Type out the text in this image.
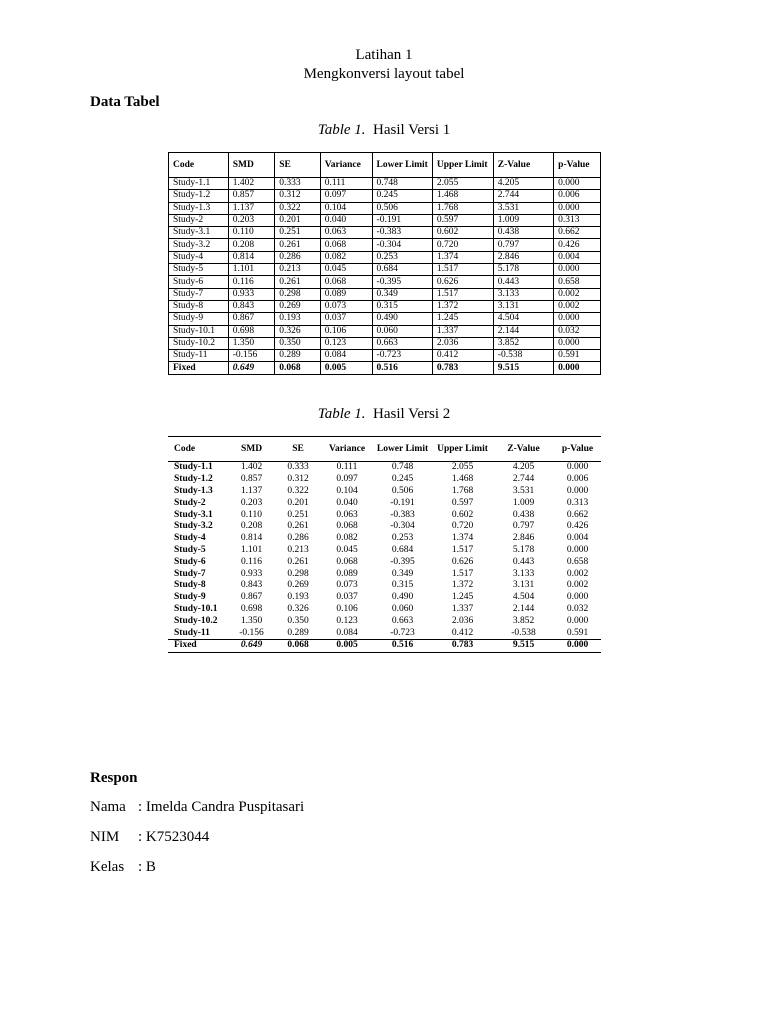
Latihan 1
Mengkonversi layout tabel
Data Tabel
Table 1. Hasil Versi 1
Code	SMD	SE	Variance	Lower Limit	Upper Limit	Z-Value	p-Value
Study-1.1	1.402	0.333	0.111	0.748	2.055	4.205	0.000
Study-1.2	0.857	0.312	0.097	0.245	1.468	2.744	0.006
Study-1.3	1.137	0.322	0.104	0.506	1.768	3.531	0.000
Study-2	0.203	0.201	0.040	-0.191	0.597	1.009	0.313
Study-3.1	0.110	0.251	0.063	-0.383	0.602	0.438	0.662
Study-3.2	0.208	0.261	0.068	-0.304	0.720	0.797	0.426
Study-4	0.814	0.286	0.082	0.253	1.374	2.846	0.004
Study-5	1.101	0.213	0.045	0.684	1.517	5.178	0.000
Study-6	0.116	0.261	0.068	-0.395	0.626	0.443	0.658
Study-7	0.933	0.298	0.089	0.349	1.517	3.133	0.002
Study-8	0.843	0.269	0.073	0.315	1.372	3.131	0.002
Study-9	0.867	0.193	0.037	0.490	1.245	4.504	0.000
Study-10.1	0.698	0.326	0.106	0.060	1.337	2.144	0.032
Study-10.2	1.350	0.350	0.123	0.663	2.036	3.852	0.000
Study-11	-0.156	0.289	0.084	-0.723	0.412	-0.538	0.591
Fixed	0.649	0.068	0.005	0.516	0.783	9.515	0.000
Table 1. Hasil Versi 2
Code	SMD	SE	Variance	Lower Limit	Upper Limit	Z-Value	p-Value
Study-1.1	1.402	0.333	0.111	0.748	2.055	4.205	0.000
Study-1.2	0.857	0.312	0.097	0.245	1.468	2.744	0.006
Study-1.3	1.137	0.322	0.104	0.506	1.768	3.531	0.000
Study-2	0.203	0.201	0.040	-0.191	0.597	1.009	0.313
Study-3.1	0.110	0.251	0.063	-0.383	0.602	0.438	0.662
Study-3.2	0.208	0.261	0.068	-0.304	0.720	0.797	0.426
Study-4	0.814	0.286	0.082	0.253	1.374	2.846	0.004
Study-5	1.101	0.213	0.045	0.684	1.517	5.178	0.000
Study-6	0.116	0.261	0.068	-0.395	0.626	0.443	0.658
Study-7	0.933	0.298	0.089	0.349	1.517	3.133	0.002
Study-8	0.843	0.269	0.073	0.315	1.372	3.131	0.002
Study-9	0.867	0.193	0.037	0.490	1.245	4.504	0.000
Study-10.1	0.698	0.326	0.106	0.060	1.337	2.144	0.032
Study-10.2	1.350	0.350	0.123	0.663	2.036	3.852	0.000
Study-11	-0.156	0.289	0.084	-0.723	0.412	-0.538	0.591
Fixed	0.649	0.068	0.005	0.516	0.783	9.515	0.000
Respon
Nama : Imelda Candra Puspitasari
NIM : K7523044
Kelas : B
